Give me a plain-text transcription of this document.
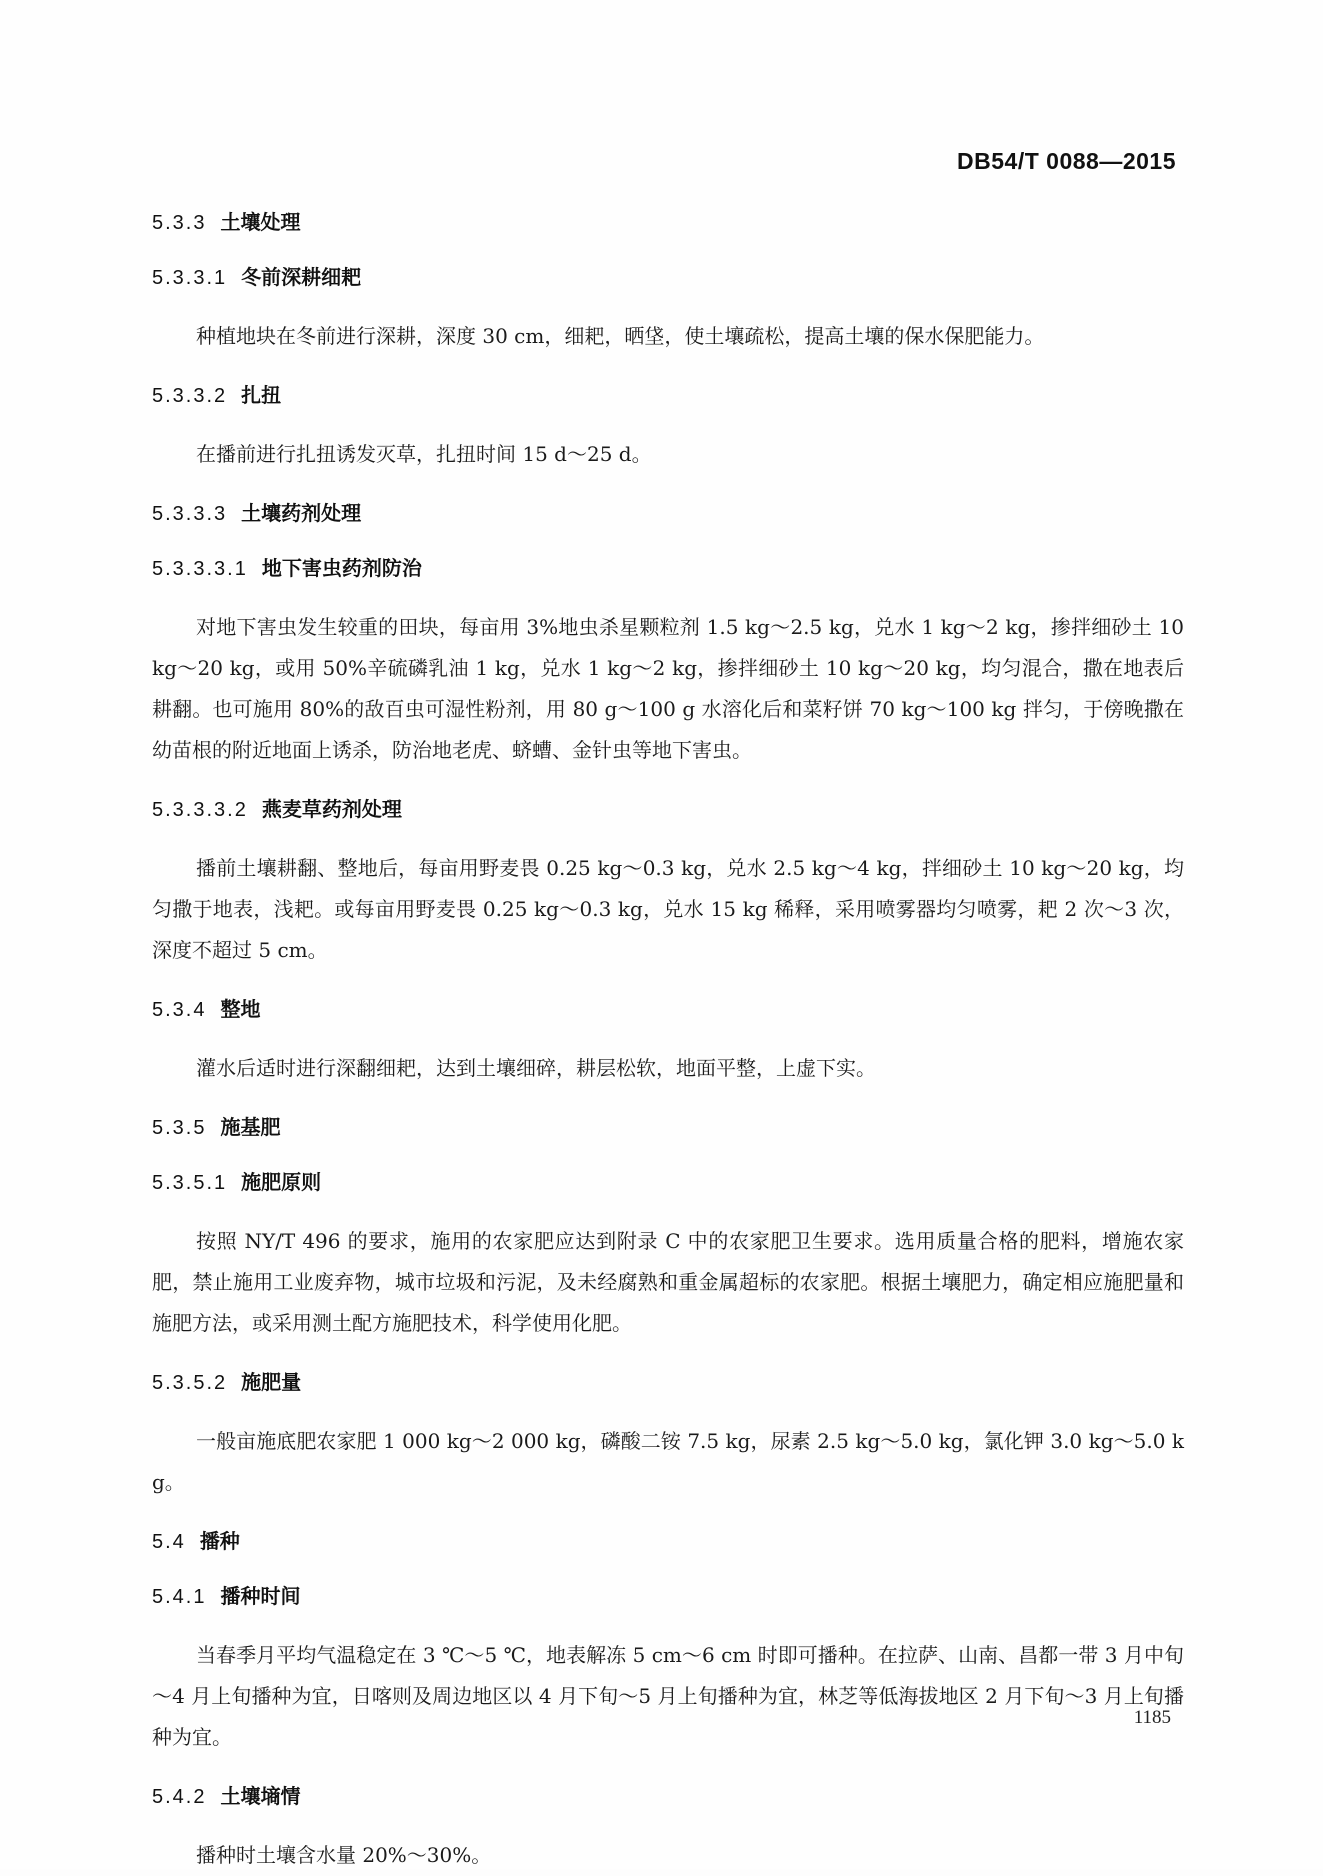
DB54/T 0088—2015
5.3.3 土壤处理
5.3.3.1 冬前深耕细耙

种植地块在冬前进行深耕，深度 30 cm，细耙，晒垡，使土壤疏松，提高土壤的保水保肥能力。

5.3.3.2 扎扭

在播前进行扎扭诱发灭草，扎扭时间 15 d～25 d。

5.3.3.3 土壤药剂处理
5.3.3.3.1 地下害虫药剂防治

对地下害虫发生较重的田块，每亩用 3%地虫杀星颗粒剂 1.5 kg～2.5 kg，兑水 1 kg～2 kg，掺拌细砂土 10 kg～20 kg，或用 50%辛硫磷乳油 1 kg，兑水 1 kg～2 kg，掺拌细砂土 10 kg～20 kg，均匀混合，撒在地表后耕翻。也可施用 80%的敌百虫可湿性粉剂，用 80 g～100 g 水溶化后和菜籽饼 70 kg～100 kg 拌匀，于傍晚撒在幼苗根的附近地面上诱杀，防治地老虎、蛴螬、金针虫等地下害虫。

5.3.3.3.2 燕麦草药剂处理

播前土壤耕翻、整地后，每亩用野麦畏 0.25 kg～0.3 kg，兑水 2.5 kg～4 kg，拌细砂土 10 kg～20 kg，均匀撒于地表，浅耙。或每亩用野麦畏 0.25 kg～0.3 kg，兑水 15 kg 稀释，采用喷雾器均匀喷雾，耙 2 次～3 次，深度不超过 5 cm。

5.3.4 整地

灌水后适时进行深翻细耙，达到土壤细碎，耕层松软，地面平整，上虚下实。

5.3.5 施基肥
5.3.5.1 施肥原则

按照 NY/T 496 的要求，施用的农家肥应达到附录 C 中的农家肥卫生要求。选用质量合格的肥料，增施农家肥，禁止施用工业废弃物，城市垃圾和污泥，及未经腐熟和重金属超标的农家肥。根据土壤肥力，确定相应施肥量和施肥方法，或采用测土配方施肥技术，科学使用化肥。

5.3.5.2 施肥量

一般亩施底肥农家肥 1 000 kg～2 000 kg，磷酸二铵 7.5 kg，尿素 2.5 kg～5.0 kg，氯化钾 3.0 kg～5.0 kg。

5.4 播种
5.4.1 播种时间

当春季月平均气温稳定在 3 ℃～5 ℃，地表解冻 5 cm～6 cm 时即可播种。在拉萨、山南、昌都一带 3 月中旬～4 月上旬播种为宜，日喀则及周边地区以 4 月下旬～5 月上旬播种为宜，林芝等低海拔地区 2 月下旬～3 月上旬播种为宜。

5.4.2 土壤墒情

播种时土壤含水量 20%～30%。

1185
